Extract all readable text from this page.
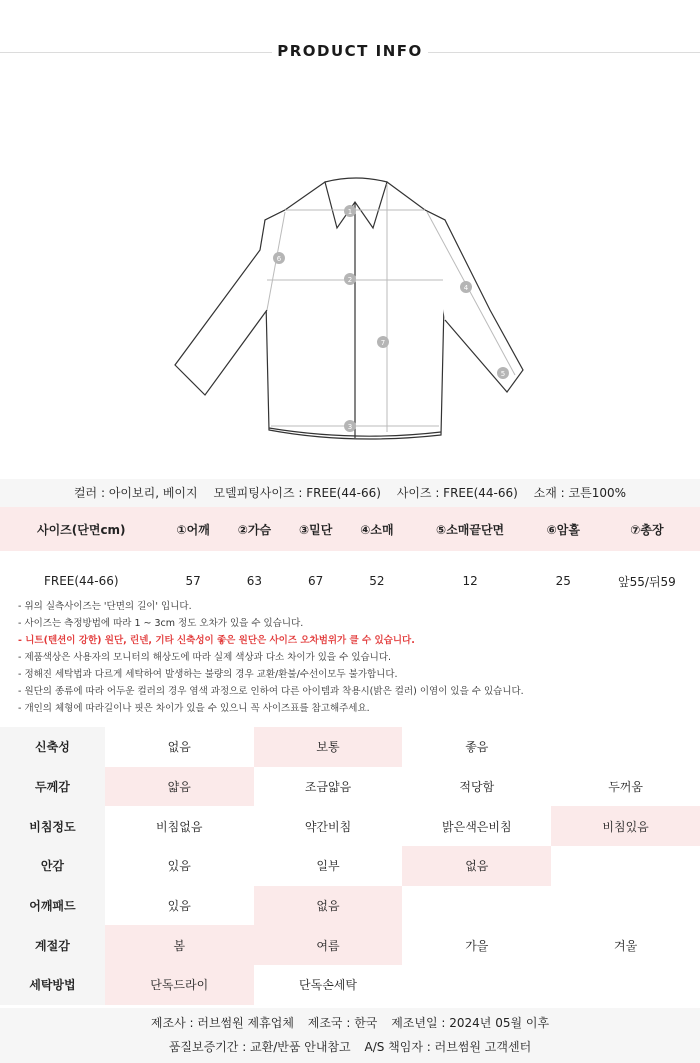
PRODUCT INFO
1
2
3
4
5
6
7
컬러 : 아이보리, 베이지 모델피팅사이즈 : FREE(44-66) 사이즈 : FREE(44-66) 소재 : 코튼100%
사이즈(단면cm)	①어깨	②가슴	③밑단	④소매	⑤소매끝단면	⑥암홀	⑦총장
FREE(44-66)	57	63	67	52	12	25	앞55/뒤59
- 위의 실측사이즈는 '단면의 길이' 입니다.
- 사이즈는 측정방법에 따라 1 ~ 3cm 정도 오차가 있을 수 있습니다.
- 니트(텐션이 강한) 원단, 린넨, 기타 신축성이 좋은 원단은 사이즈 오차범위가 클 수 있습니다.
- 제품색상은 사용자의 모니터의 해상도에 따라 실제 색상과 다소 차이가 있을 수 있습니다.
- 정해진 세탁법과 다르게 세탁하여 발생하는 불량의 경우 교환/환불/수선이모두 불가합니다.
- 원단의 종류에 따라 어두운 컬러의 경우 염색 과정으로 인하여 다른 아이템과 착용시(밝은 컬러) 이염이 있을 수 있습니다.
- 개인의 체형에 따라길이나 핏은 차이가 있을 수 있으니 꼭 사이즈표를 참고해주세요.
신축성	없음	보통	좋음	
두께감	얇음	조금얇음	적당함	두꺼움
비침정도	비침없음	약간비침	밝은색은비침	비침있음
안감	있음	일부	없음	
어깨패드	있음	없음		
계절감	봄	여름	가을	겨울
세탁방법	단독드라이	단독손세탁		
제조사 : 러브썸원 제휴업체 제조국 : 한국 제조년일 : 2024년 05월 이후
품질보증기간 : 교환/반품 안내참고 A/S 책임자 : 러브썸원 고객센터
